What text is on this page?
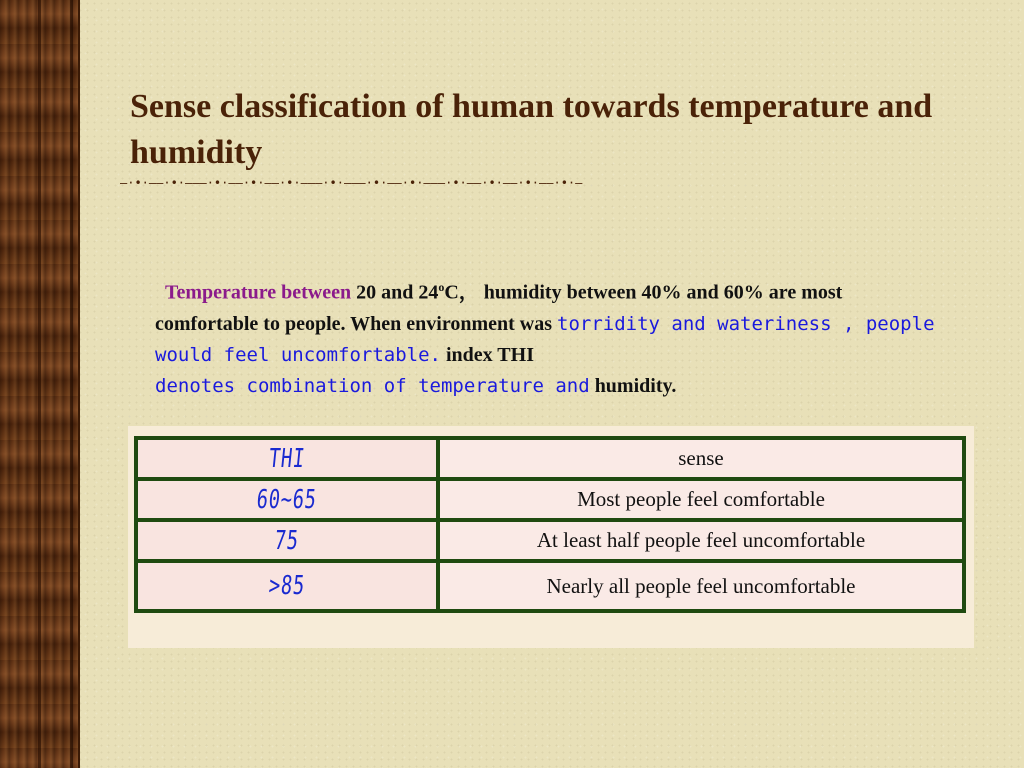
Sense classification of human towards temperature and humidity
—·•·——·•·———·•·——·•·——·•·———·•·———·•·——·•·———·•·——·•·——·•·——·•·—
Temperature between 20 and 24$^o$C， humidity between 40% and 60% are most comfortable to people. When environment was torridity and wateriness , people would feel uncomfortable. index THI
denotes combination of temperature and humidity.
THI	sense
60~65	Most people feel comfortable
75	At least half people feel uncomfortable
>85	Nearly all people feel uncomfortable
